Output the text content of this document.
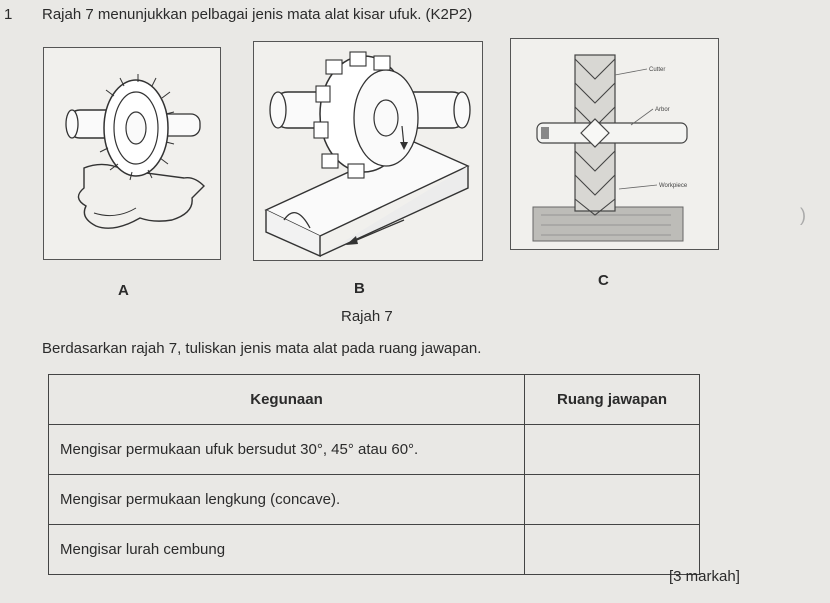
1 Rajah 7 menunjukkan pelbagai jenis mata alat kisar ufuk. (K2P2)
Cutter
Arbor
Workpiece
A	B	C
Rajah 7
Berdasarkan rajah 7, tuliskan jenis mata alat pada ruang jawapan.
Kegunaan	Ruang jawapan
Mengisar permukaan ufuk bersudut 30°, 45° atau 60°.	
Mengisar permukaan lengkung (concave).	
Mengisar lurah cembung	
[3 markah]
)
